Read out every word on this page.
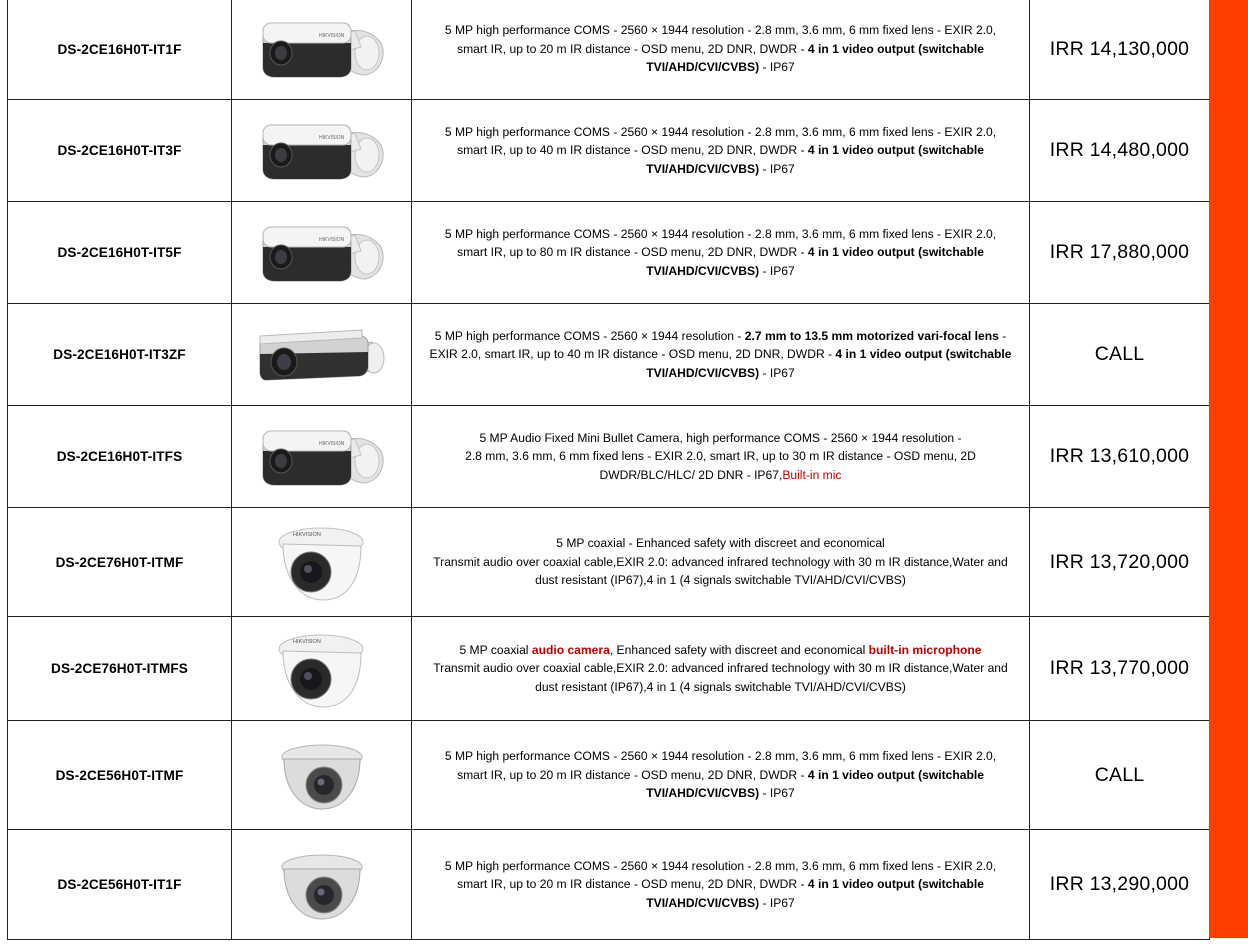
DS-2CE16H0T-IT1F		5 MP high performance COMS - 2560 × 1944 resolution - 2.8 mm, 3.6 mm, 6 mm fixed lens - EXIR 2.0,
smart IR, up to 20 m IR distance - OSD menu, 2D DNR, DWDR - 4 in 1 video output (switchable
TVI/AHD/CVI/CVBS) - IP67	IRR 14,130,000
DS-2CE16H0T-IT3F		5 MP high performance COMS - 2560 × 1944 resolution - 2.8 mm, 3.6 mm, 6 mm fixed lens - EXIR 2.0,
smart IR, up to 40 m IR distance - OSD menu, 2D DNR, DWDR - 4 in 1 video output (switchable
TVI/AHD/CVI/CVBS) - IP67	IRR 14,480,000
DS-2CE16H0T-IT5F		5 MP high performance COMS - 2560 × 1944 resolution - 2.8 mm, 3.6 mm, 6 mm fixed lens - EXIR 2.0,
smart IR, up to 80 m IR distance - OSD menu, 2D DNR, DWDR - 4 in 1 video output (switchable
TVI/AHD/CVI/CVBS) - IP67	IRR 17,880,000
DS-2CE16H0T-IT3ZF		5 MP high performance COMS - 2560 × 1944 resolution - 2.7 mm to 13.5 mm motorized vari-focal lens -
EXIR 2.0, smart IR, up to 40 m IR distance - OSD menu, 2D DNR, DWDR - 4 in 1 video output (switchable
TVI/AHD/CVI/CVBS) - IP67	CALL
DS-2CE16H0T-ITFS		5 MP Audio Fixed Mini Bullet Camera, high performance COMS - 2560 × 1944 resolution -
2.8 mm, 3.6 mm, 6 mm fixed lens - EXIR 2.0, smart IR, up to 30 m IR distance - OSD menu, 2D
DWDR/BLC/HLC/ 2D DNR - IP67,Built-in mic	IRR 13,610,000
DS-2CE76H0T-ITMF		5 MP coaxial - Enhanced safety with discreet and economical
Transmit audio over coaxial cable,EXIR 2.0: advanced infrared technology with 30 m IR distance,Water and
dust resistant (IP67),4 in 1 (4 signals switchable TVI/AHD/CVI/CVBS)	IRR 13,720,000
DS-2CE76H0T-ITMFS		5 MP coaxial audio camera, Enhanced safety with discreet and economical built-in microphone
Transmit audio over coaxial cable,EXIR 2.0: advanced infrared technology with 30 m IR distance,Water and
dust resistant (IP67),4 in 1 (4 signals switchable TVI/AHD/CVI/CVBS)	IRR 13,770,000
DS-2CE56H0T-ITMF		5 MP high performance COMS - 2560 × 1944 resolution - 2.8 mm, 3.6 mm, 6 mm fixed lens - EXIR 2.0,
smart IR, up to 20 m IR distance - OSD menu, 2D DNR, DWDR - 4 in 1 video output (switchable
TVI/AHD/CVI/CVBS) - IP67	CALL
DS-2CE56H0T-IT1F		5 MP high performance COMS - 2560 × 1944 resolution - 2.8 mm, 3.6 mm, 6 mm fixed lens - EXIR 2.0,
smart IR, up to 20 m IR distance - OSD menu, 2D DNR, DWDR - 4 in 1 video output (switchable
TVI/AHD/CVI/CVBS) - IP67	IRR 13,290,000
